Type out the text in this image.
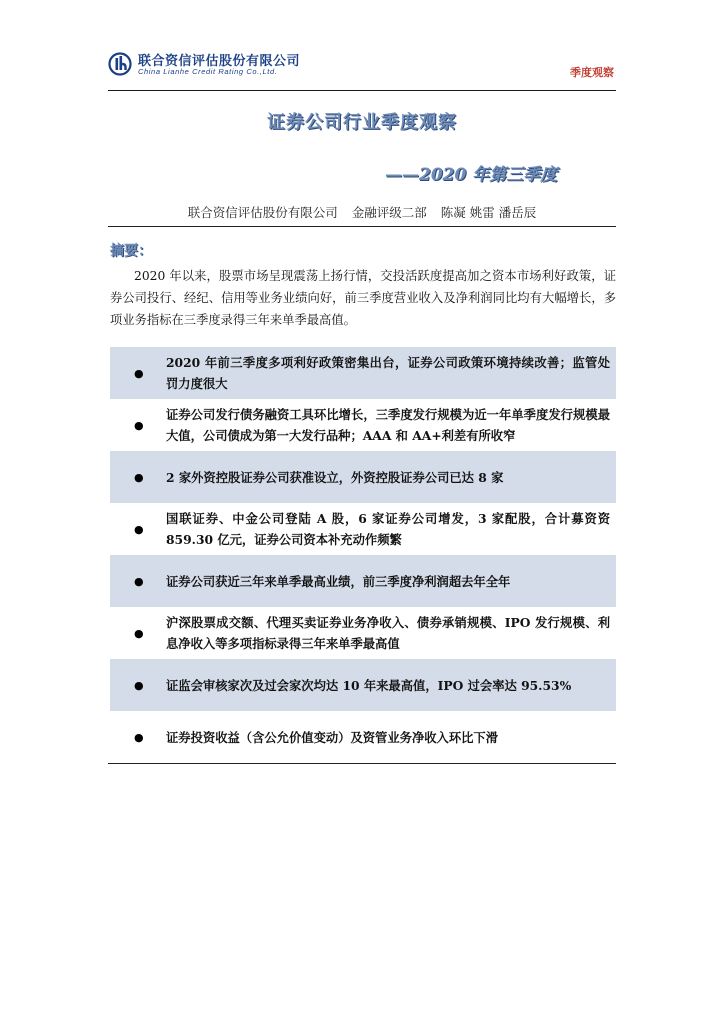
联合资信评估股份有限公司
China Lianhe Credit Rating Co.,Ltd.	季度观察
证券公司行业季度观察
——2020 年第三季度
联合资信评估股份有限公司 金融评级二部 陈凝 姚雷 潘岳辰
摘要：
2020 年以来，股票市场呈现震荡上扬行情，交投活跃度提高加之资本市场利好政策，证券公司投行、经纪、信用等业务业绩向好，前三季度营业收入及净利润同比均有大幅增长，多项业务指标在三季度录得三年来单季最高值。
●
2020 年前三季度多项利好政策密集出台，证券公司政策环境持续改善；监管处罚力度很大
●
证券公司发行债务融资工具环比增长，三季度发行规模为近一年单季度发行规模最大值，公司债成为第一大发行品种；AAA 和 AA+利差有所收窄
●	2 家外资控股证券公司获准设立，外资控股证券公司已达 8 家
●
国联证券、中金公司登陆 A 股，6 家证券公司增发，3 家配股，合计募资资 859.30 亿元，证券公司资本补充动作频繁
●	证券公司获近三年来单季最高业绩，前三季度净利润超去年全年
●
沪深股票成交额、代理买卖证券业务净收入、债券承销规模、IPO 发行规模、利息净收入等多项指标录得三年来单季最高值
●	证监会审核家次及过会家次均达 10 年来最高值，IPO 过会率达 95.53%
●	证券投资收益（含公允价值变动）及资管业务净收入环比下滑
